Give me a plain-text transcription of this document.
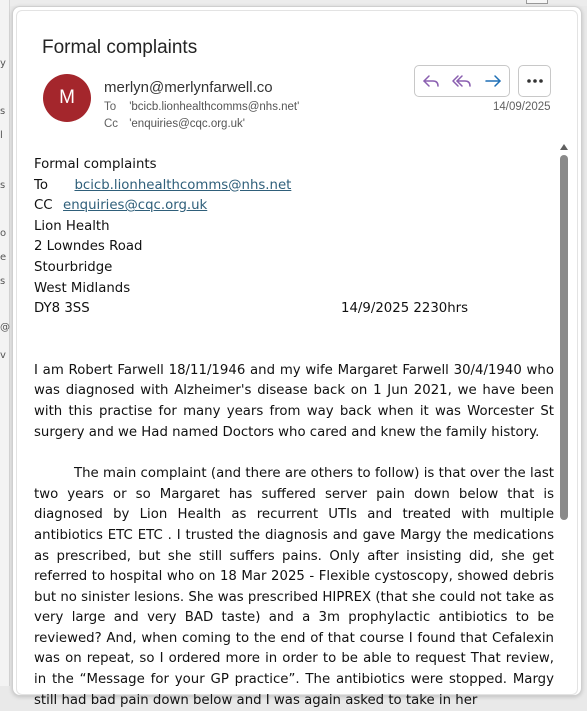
y
s
l
s
o
e
s
@
v
Formal complaints
M merlyn@merlynfarwell.co
To 'bcicb.lionhealthcomms@nhs.net'
Cc 'enquiries@cqc.org.uk'
14/09/2025

Formal complaints

To bcicb.lionhealthcomms@nhs.net

CC enquiries@cqc.org.uk

Lion Health

2 Lowndes Road

Stourbridge

West Midlands

DY8 3SS	14/9/2025 2230hrs

I am Robert Farwell 18/11/1946 and my wife Margaret Farwell 30/4/1940 who was diagnosed with Alzheimer's disease back on 1 Jun 2021, we have been with this practise for many years from way back when it was Worcester St surgery and we Had named Doctors who cared and knew the family history.

The main complaint (and there are others to follow) is that over the last two years or so Margaret has suffered server pain down below that is diagnosed by Lion Health as recurrent UTIs and treated with multiple antibiotics ETC ETC . I trusted the diagnosis and gave Margy the medications as prescribed, but she still suffers pains. Only after insisting did, she get referred to hospital who on 18 Mar 2025 - Flexible cystoscopy, showed debris but no sinister lesions. She was prescribed HIPREX (that she could not take as very large and very BAD taste) and a 3m prophylactic antibiotics to be reviewed? And, when coming to the end of that course I found that Cefalexin was on repeat, so I ordered more in order to be able to request That review, in the “Message for your GP practice”. The antibiotics were stopped. Margy still had bad pain down below and I was again asked to take in her
